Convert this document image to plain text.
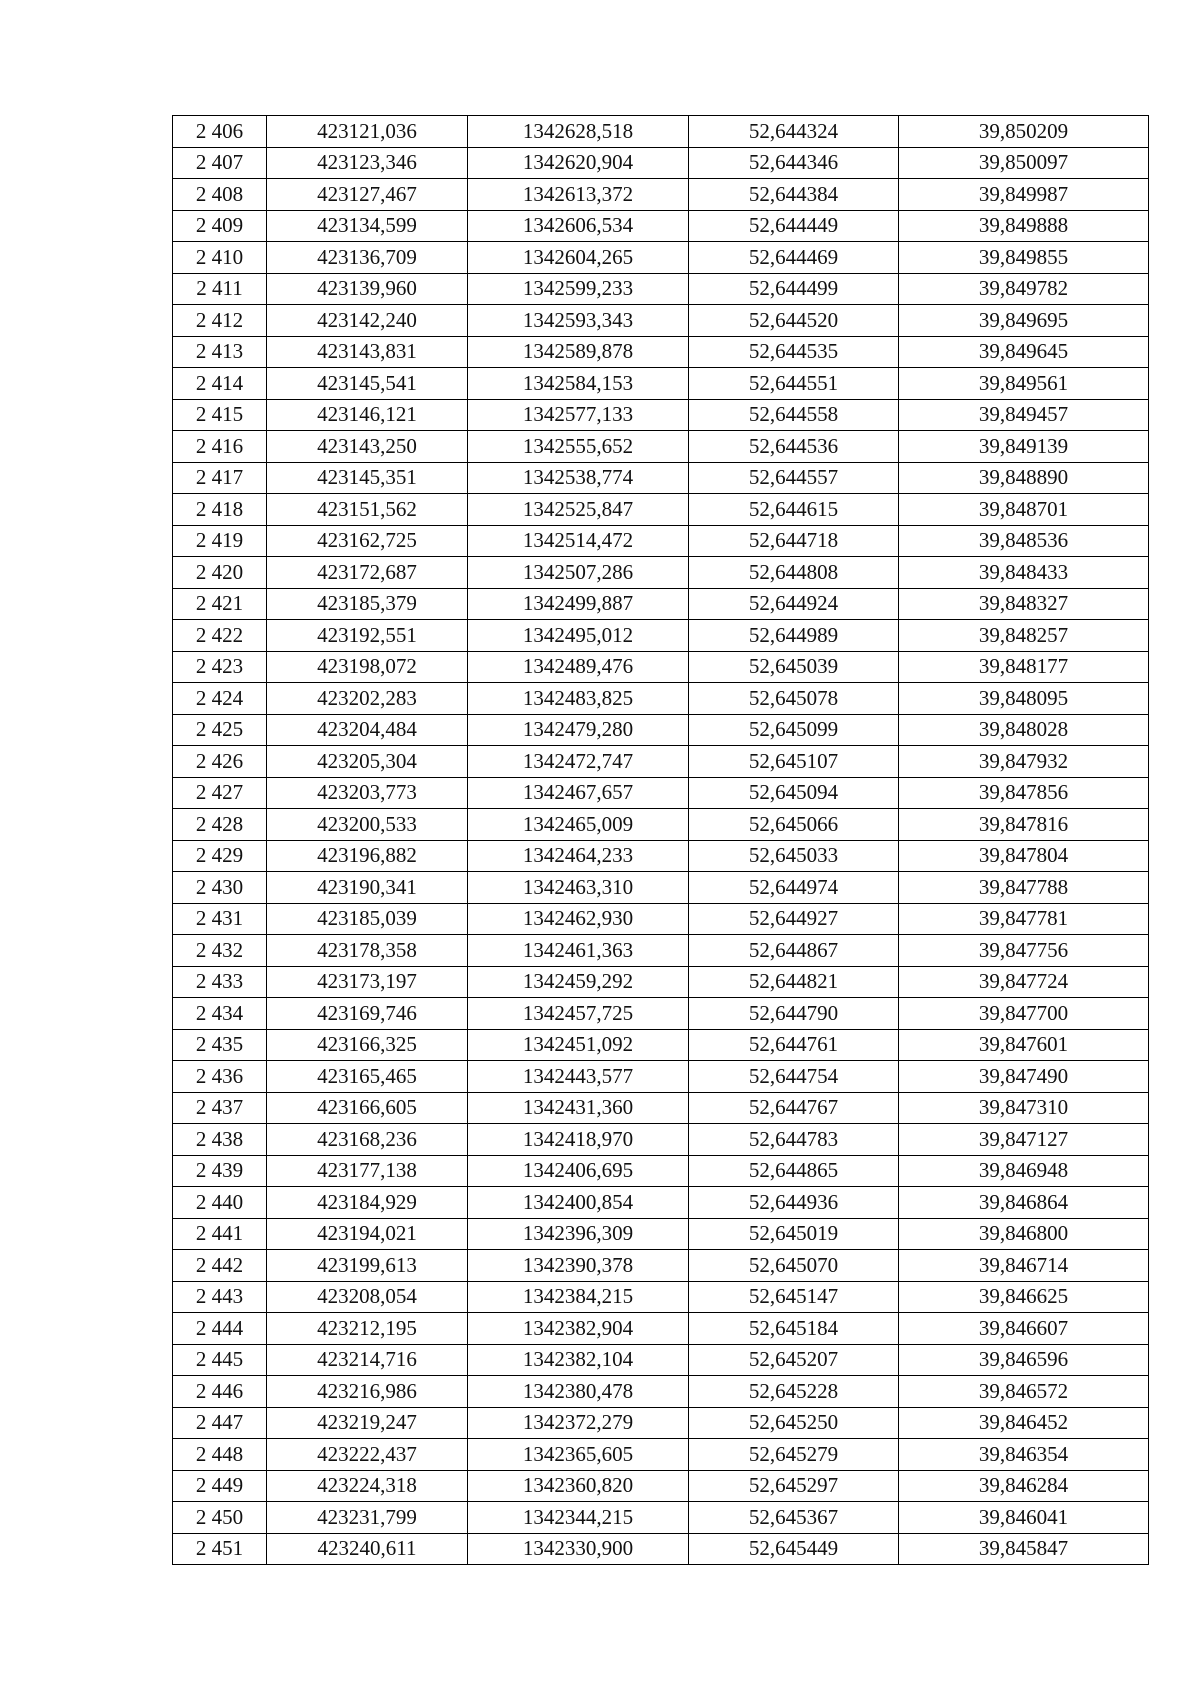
2 406	423121,036	1342628,518	52,644324	39,850209
2 407	423123,346	1342620,904	52,644346	39,850097
2 408	423127,467	1342613,372	52,644384	39,849987
2 409	423134,599	1342606,534	52,644449	39,849888
2 410	423136,709	1342604,265	52,644469	39,849855
2 411	423139,960	1342599,233	52,644499	39,849782
2 412	423142,240	1342593,343	52,644520	39,849695
2 413	423143,831	1342589,878	52,644535	39,849645
2 414	423145,541	1342584,153	52,644551	39,849561
2 415	423146,121	1342577,133	52,644558	39,849457
2 416	423143,250	1342555,652	52,644536	39,849139
2 417	423145,351	1342538,774	52,644557	39,848890
2 418	423151,562	1342525,847	52,644615	39,848701
2 419	423162,725	1342514,472	52,644718	39,848536
2 420	423172,687	1342507,286	52,644808	39,848433
2 421	423185,379	1342499,887	52,644924	39,848327
2 422	423192,551	1342495,012	52,644989	39,848257
2 423	423198,072	1342489,476	52,645039	39,848177
2 424	423202,283	1342483,825	52,645078	39,848095
2 425	423204,484	1342479,280	52,645099	39,848028
2 426	423205,304	1342472,747	52,645107	39,847932
2 427	423203,773	1342467,657	52,645094	39,847856
2 428	423200,533	1342465,009	52,645066	39,847816
2 429	423196,882	1342464,233	52,645033	39,847804
2 430	423190,341	1342463,310	52,644974	39,847788
2 431	423185,039	1342462,930	52,644927	39,847781
2 432	423178,358	1342461,363	52,644867	39,847756
2 433	423173,197	1342459,292	52,644821	39,847724
2 434	423169,746	1342457,725	52,644790	39,847700
2 435	423166,325	1342451,092	52,644761	39,847601
2 436	423165,465	1342443,577	52,644754	39,847490
2 437	423166,605	1342431,360	52,644767	39,847310
2 438	423168,236	1342418,970	52,644783	39,847127
2 439	423177,138	1342406,695	52,644865	39,846948
2 440	423184,929	1342400,854	52,644936	39,846864
2 441	423194,021	1342396,309	52,645019	39,846800
2 442	423199,613	1342390,378	52,645070	39,846714
2 443	423208,054	1342384,215	52,645147	39,846625
2 444	423212,195	1342382,904	52,645184	39,846607
2 445	423214,716	1342382,104	52,645207	39,846596
2 446	423216,986	1342380,478	52,645228	39,846572
2 447	423219,247	1342372,279	52,645250	39,846452
2 448	423222,437	1342365,605	52,645279	39,846354
2 449	423224,318	1342360,820	52,645297	39,846284
2 450	423231,799	1342344,215	52,645367	39,846041
2 451	423240,611	1342330,900	52,645449	39,845847
